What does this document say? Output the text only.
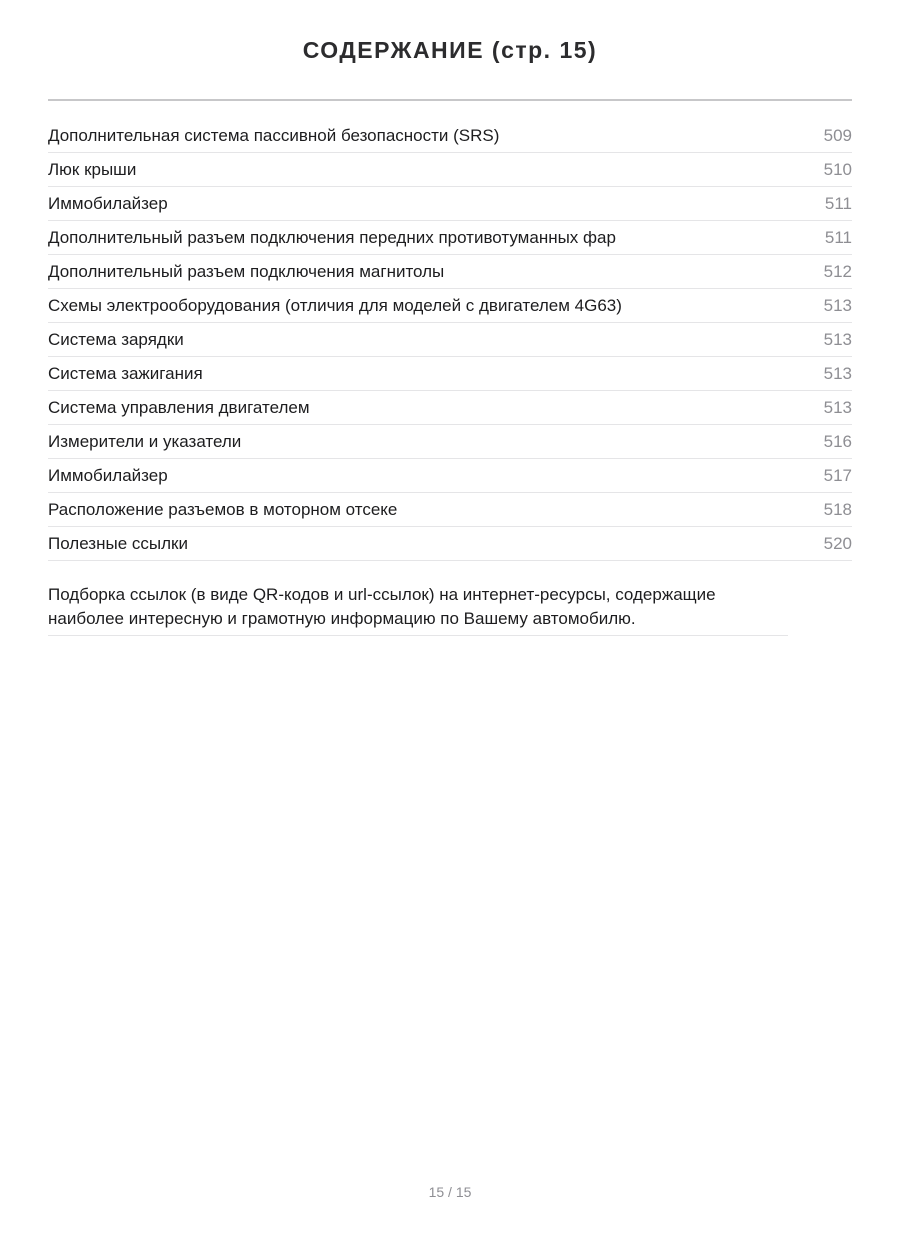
СОДЕРЖАНИЕ (стр. 15)
Дополнительная система пассивной безопасности (SRS)	509
Люк крыши	510
Иммобилайзер	511
Дополнительный разъем подключения передних противотуманных фар	511
Дополнительный разъем подключения магнитолы	512
Схемы электрооборудования (отличия для моделей с двигателем 4G63)	513
Система зарядки	513
Система зажигания	513
Система управления двигателем	513
Измерители и указатели	516
Иммобилайзер	517
Расположение разъемов в моторном отсеке	518
Полезные ссылки	520

Подборка ссылок (в виде QR-кодов и url-ссылок) на интернет-ресурсы, содержащие наиболее интересную и грамотную информацию по Вашему автомобилю.

15 / 15
